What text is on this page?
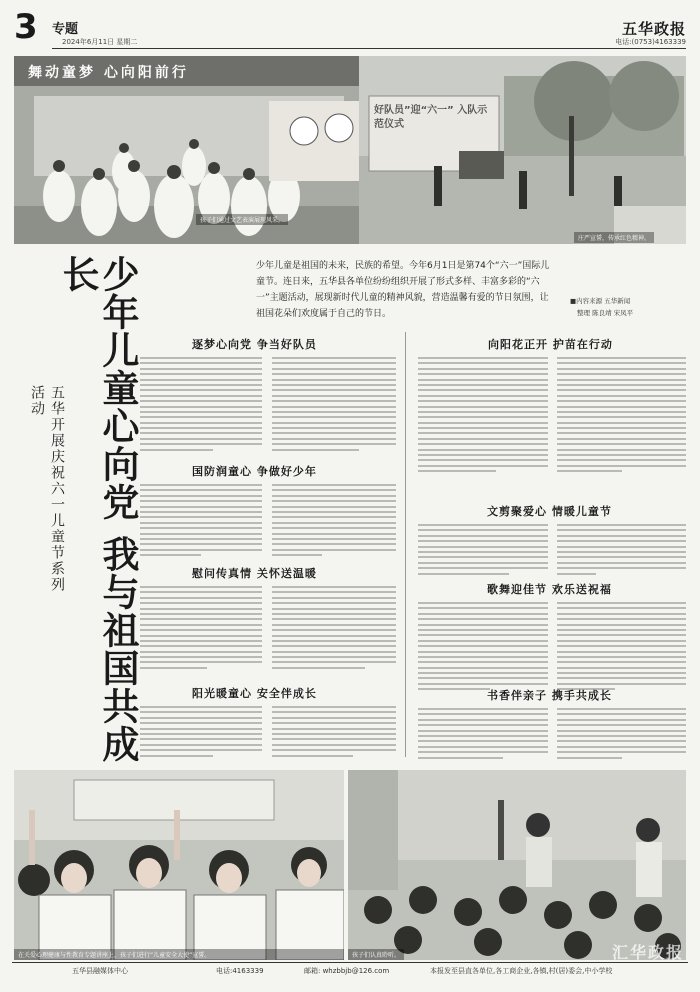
3 专题
2024年6月11日 星期二
五华政报
电话:(0753)4163339
舞动童梦 心向阳前行
好队员”迎“六一” 入队示范仪式
孩子们通过文艺表演展现风采。
庄严宣誓，传承红色精神。
少年儿童心向党 我与祖国共成长
五华开展庆祝六一儿童节系列活动
少年儿童是祖国的未来，民族的希望。今年6月1日是第74个“六一”国际儿童节。连日来，五华县各单位纷纷组织开展了形式多样、丰富多彩的“六一”主题活动，展现新时代儿童的精神风貌，营造温馨有爱的节日氛围，让祖国花朵们欢度属于自己的节日。
■内容来源 五华新闻
整理 陈良靖 宋凤平
逐梦心向党 争当好队员
国防润童心 争做好少年
慰问传真情 关怀送温暖
阳光暖童心 安全伴成长
向阳花正开 护苗在行动
文剪聚爱心 情暖儿童节
歌舞迎佳节 欢乐送祝福
书香伴亲子 携手共成长
在关爱心理健康与性教育专题讲座上，孩子们进行“儿童安全大使”宣誓。	孩子们认真聆听。	汇华政报
五华县融媒体中心	电话:4163339	邮箱: whzbbjb@126.com	本报发至县直各单位,各工商企业,各镇,村(居)委会,中小学校
